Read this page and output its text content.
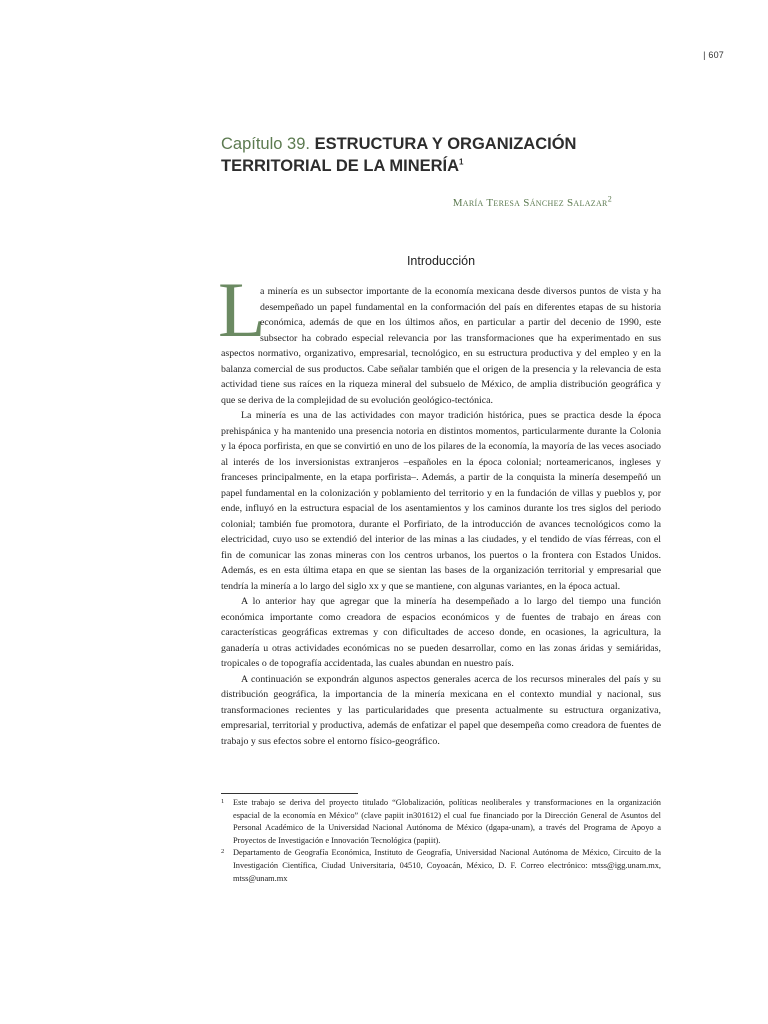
| 607
Capítulo 39. ESTRUCTURA Y ORGANIZACIÓN TERRITORIAL DE LA MINERÍA$^1$
María Teresa Sánchez Salazar$^2$
Introducción
L

a minería es un subsector importante de la economía mexicana desde diversos puntos de vista y ha desempeñado un papel fundamental en la conformación del país en diferentes etapas de su historia económica, además de que en los últimos años, en particular a partir del decenio de 1990, este subsector ha cobrado especial relevancia por las transformaciones que ha experimentado en sus aspectos normativo, organizativo, empresarial, tecnológico, en su estructura productiva y del empleo y en la balanza comercial de sus productos. Cabe señalar también que el origen de la presencia y la relevancia de esta actividad tiene sus raíces en la riqueza mineral del subsuelo de México, de amplia distribución geográfica y que se deriva de la complejidad de su evolución geológico-tectónica.

La minería es una de las actividades con mayor tradición histórica, pues se practica desde la época prehispánica y ha mantenido una presencia notoria en distintos momentos, particularmente durante la Colonia y la época porfirista, en que se convirtió en uno de los pilares de la economía, la mayoría de las veces asociado al interés de los inversionistas extranjeros –españoles en la época colonial; norteamericanos, ingleses y franceses principalmente, en la etapa porfirista–. Además, a partir de la conquista la minería desempeñó un papel fundamental en la colonización y poblamiento del territorio y en la fundación de villas y pueblos y, por ende, influyó en la estructura espacial de los asentamientos y los caminos durante los tres siglos del periodo colonial; también fue promotora, durante el Porfiriato, de la introducción de avances tecnológicos como la electricidad, cuyo uso se extendió del interior de las minas a las ciudades, y el tendido de vías férreas, con el fin de comunicar las zonas mineras con los centros urbanos, los puertos o la frontera con Estados Unidos. Además, es en esta última etapa en que se sientan las bases de la organización territorial y empresarial que tendría la minería a lo largo del siglo xx y que se mantiene, con algunas variantes, en la época actual.

A lo anterior hay que agregar que la minería ha desempeñado a lo largo del tiempo una función económica importante como creadora de espacios económicos y de fuentes de trabajo en áreas con características geográficas extremas y con dificultades de acceso donde, en ocasiones, la agricultura, la ganadería u otras actividades económicas no se pueden desarrollar, como en las zonas áridas y semiáridas, tropicales o de topografía accidentada, las cuales abundan en nuestro país.

A continuación se expondrán algunos aspectos generales acerca de los recursos minerales del país y su distribución geográfica, la importancia de la minería mexicana en el contexto mundial y nacional, sus transformaciones recientes y las particularidades que presenta actualmente su estructura organizativa, empresarial, territorial y productiva, además de enfatizar el papel que desempeña como creadora de fuentes de trabajo y sus efectos sobre el entorno físico-geográfico.

1 Este trabajo se deriva del proyecto titulado “Globalización, políticas neoliberales y transformaciones en la organización espacial de la economía en México” (clave papiit in301612) el cual fue financiado por la Dirección General de Asuntos del Personal Académico de la Universidad Nacional Autónoma de México (dgapa-unam), a través del Programa de Apoyo a Proyectos de Investigación e Innovación Tecnológica (papiit).
2 Departamento de Geografía Económica, Instituto de Geografía, Universidad Nacional Autónoma de México, Circuito de la Investigación Científica, Ciudad Universitaria, 04510, Coyoacán, México, D. F. Correo electrónico: mtss@igg.unam.mx, mtss@unam.mx
